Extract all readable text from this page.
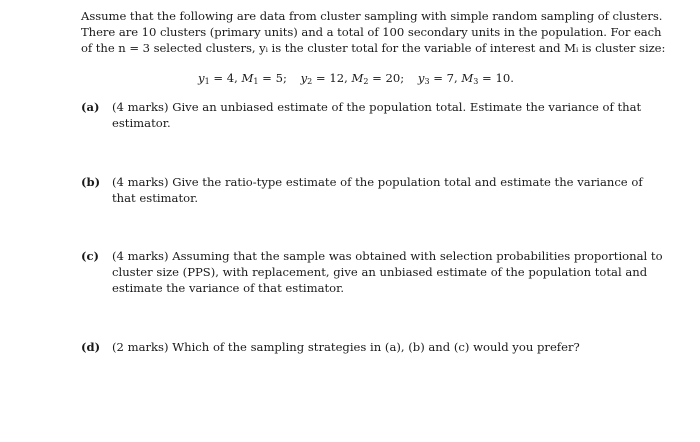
Assume that the following are data from cluster sampling with simple random sampling of clusters.
There are 10 clusters (primary units) and a total of 100 secondary units in the population. For each
of the n = 3 selected clusters, yᵢ is the cluster total for the variable of interest and Mᵢ is cluster size:
$y_1 = 4$, $M_1 = 5$; $y_2 = 12$, $M_2 = 20$; $y_3 = 7$, $M_3 = 10$.
(a) (4 marks) Give an unbiased estimate of the population total. Estimate the variance of that
estimator.
(b) (4 marks) Give the ratio-type estimate of the population total and estimate the variance of
that estimator.
(c) (4 marks) Assuming that the sample was obtained with selection probabilities proportional to
cluster size (PPS), with replacement, give an unbiased estimate of the population total and
estimate the variance of that estimator.
(d) (2 marks) Which of the sampling strategies in (a), (b) and (c) would you prefer?
